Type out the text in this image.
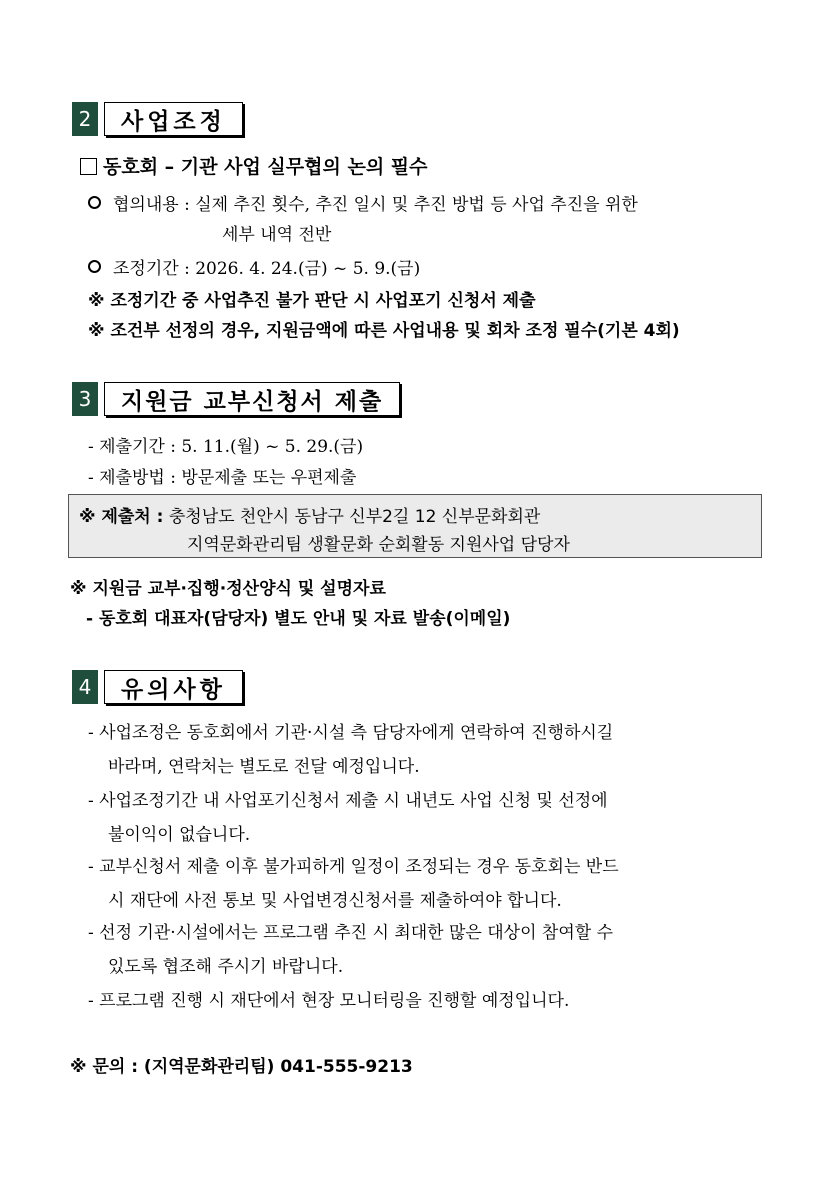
2	사업조정
동호회 – 기관 사업 실무협의 논의 필수
협의내용 : 실제 추진 횟수, 추진 일시 및 추진 방법 등 사업 추진을 위한
세부 내역 전반
조정기간 : 2026. 4. 24.(금) ~ 5. 9.(금)
※ 조정기간 중 사업추진 불가 판단 시 사업포기 신청서 제출
※ 조건부 선정의 경우, 지원금액에 따른 사업내용 및 회차 조정 필수(기본 4회)
3	지원금 교부신청서 제출
- 제출기간 : 5. 11.(월) ~ 5. 29.(금)
- 제출방법 : 방문제출 또는 우편제출
※ 제출처 : 충청남도 천안시 동남구 신부2길 12 신부문화회관
지역문화관리팀 생활문화 순회활동 지원사업 담당자
※ 지원금 교부·집행·정산양식 및 설명자료
- 동호회 대표자(담당자) 별도 안내 및 자료 발송(이메일)
4	유의사항
- 사업조정은 동호회에서 기관·시설 측 담당자에게 연락하여 진행하시길
바라며, 연락처는 별도로 전달 예정입니다.
- 사업조정기간 내 사업포기신청서 제출 시 내년도 사업 신청 및 선정에
불이익이 없습니다.
- 교부신청서 제출 이후 불가피하게 일정이 조정되는 경우 동호회는 반드
시 재단에 사전 통보 및 사업변경신청서를 제출하여야 합니다.
- 선정 기관·시설에서는 프로그램 추진 시 최대한 많은 대상이 참여할 수
있도록 협조해 주시기 바랍니다.
- 프로그램 진행 시 재단에서 현장 모니터링을 진행할 예정입니다.
※ 문의 : (지역문화관리팀) 041-555-9213
